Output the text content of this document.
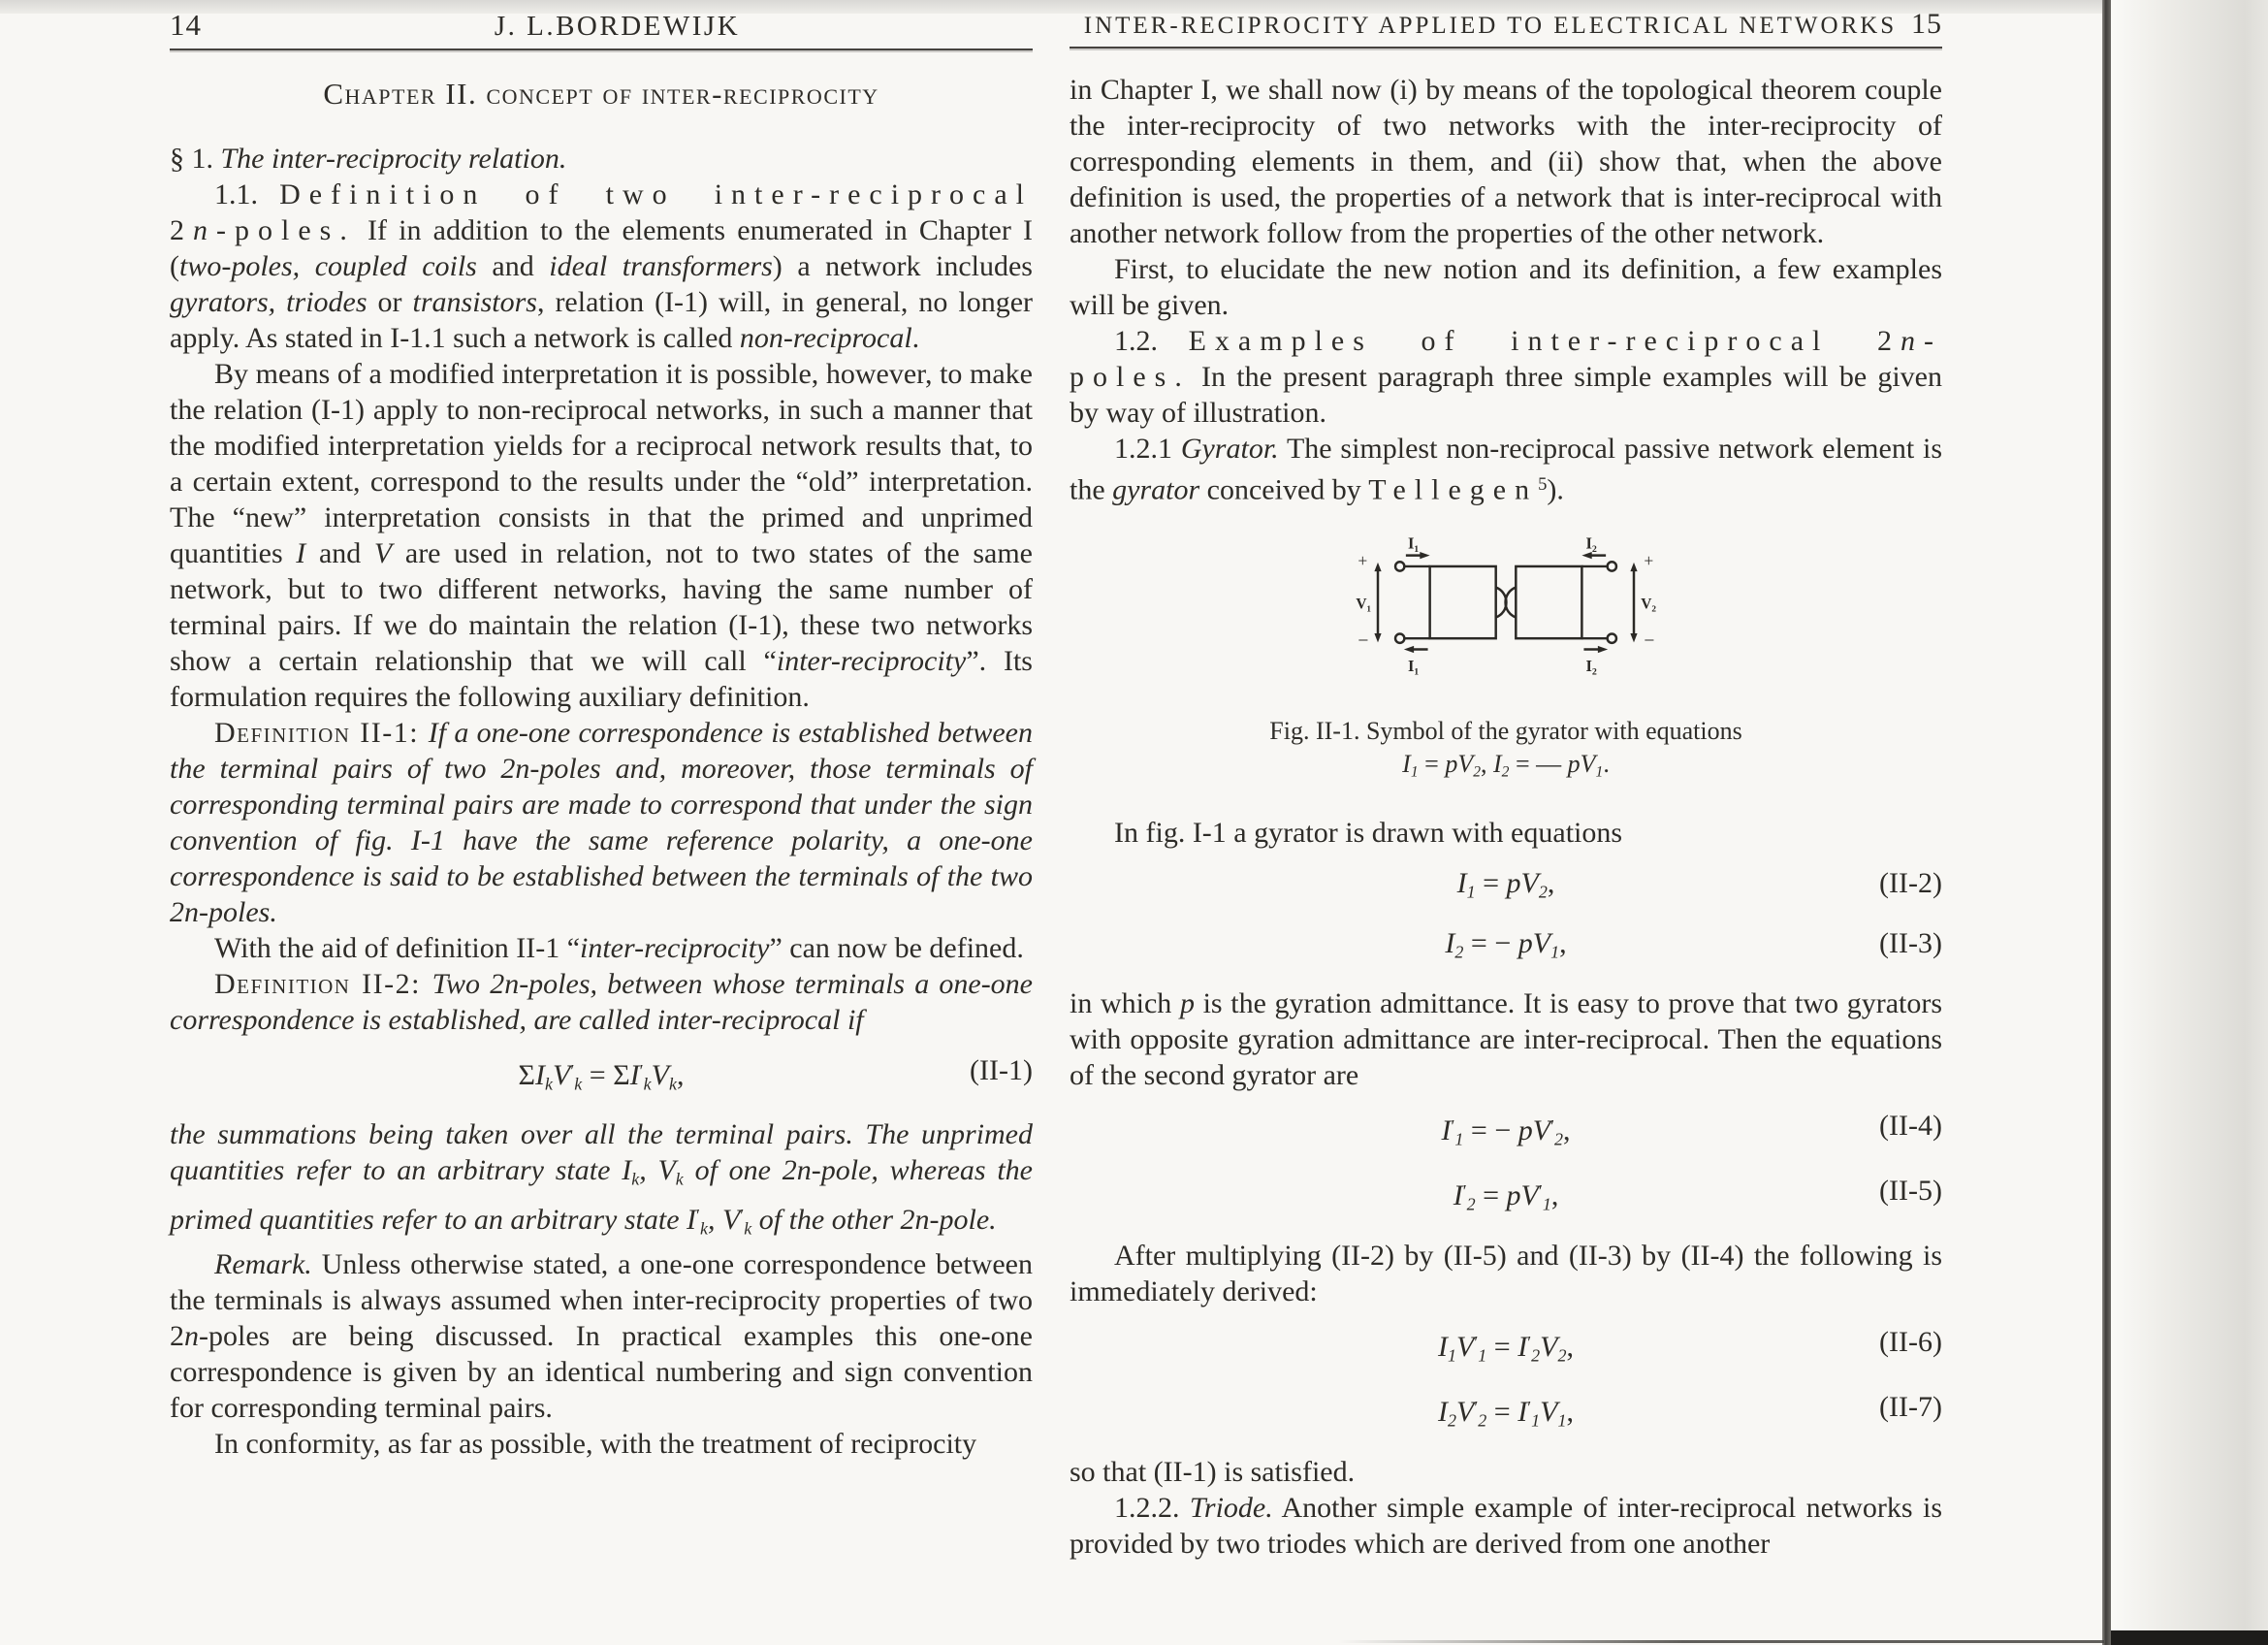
14	J. L.BORDEWIJK
Chapter II. concept of inter-reciprocity
§ 1. The inter-reciprocity relation.
1.1. Definition of two inter-reciprocal 2n-poles. If in addition to the elements enumerated in Chapter I (two-poles, coupled coils and ideal transformers) a network includes gyrators, triodes or transistors, relation (I-1) will, in general, no longer apply. As stated in I-1.1 such a network is called non-reciprocal.
By means of a modified interpretation it is possible, however, to make the relation (I-1) apply to non-reciprocal networks, in such a manner that the modified interpretation yields for a reciprocal network results that, to a certain extent, correspond to the results under the “old” interpretation. The “new” interpretation consists in that the primed and unprimed quantities I and V are used in relation, not to two states of the same network, but to two different networks, having the same number of terminal pairs. If we do maintain the relation (I-1), these two networks show a certain relationship that we will call “inter-reciprocity”. Its formulation requires the following auxiliary definition.
Definition II-1: If a one-one correspondence is established between the terminal pairs of two 2n-poles and, moreover, those terminals of corresponding terminal pairs are made to correspond that under the sign convention of fig. I-1 have the same reference polarity, a one-one correspondence is said to be established between the terminals of the two 2n-poles.
With the aid of definition II-1 “inter-reciprocity” can now be defined.
Definition II-2: Two 2n-poles, between whose terminals a one-one correspondence is established, are called inter-reciprocal if
ΣIkV′k = ΣI′kVk,	(II-1)
the summations being taken over all the terminal pairs. The unprimed quantities refer to an arbitrary state Ik, Vk of one 2n-pole, whereas the primed quantities refer to an arbitrary state I′k, V′k of the other 2n-pole.
Remark. Unless otherwise stated, a one-one correspondence between the terminals is always assumed when inter-reciprocity properties of two 2n-poles are being discussed. In practical examples this one-one correspondence is given by an identical numbering and sign convention for corresponding terminal pairs.
In conformity, as far as possible, with the treatment of reciprocity
INTER-RECIPROCITY APPLIED TO ELECTRICAL NETWORKS 15
in Chapter I, we shall now (i) by means of the topological theorem couple the inter-reciprocity of two networks with the inter-reciprocity of corresponding elements in them, and (ii) show that, when the above definition is used, the properties of a network that is inter-reciprocal with another network follow from the properties of the other network.
First, to elucidate the new notion and its definition, a few examples will be given.
1.2. Examples of inter-reciprocal 2n-poles. In the present paragraph three simple examples will be given by way of illustration.
1.2.1 Gyrator. The simplest non-reciprocal passive network element is the gyrator conceived by Tellegen$^5$).
+
V₁
−
I₁
I₁
I₂
I₂
+
V₂
−
Fig. II-1. Symbol of the gyrator with equations
I1 = pV2, I2 = — pV1.
In fig. I-1 a gyrator is drawn with equations
I1 = pV2,	(II-2)
I2 = − pV1,	(II-3)
in which p is the gyration admittance. It is easy to prove that two gyrators with opposite gyration admittance are inter-reciprocal. Then the equations of the second gyrator are
I′1 = − pV′2,	(II-4)
I′2 = pV′1,	(II-5)
After multiplying (II-2) by (II-5) and (II-3) by (II-4) the following is immediately derived:
I1V′1 = I′2V2,	(II-6)
I2V′2 = I′1V1,	(II-7)
so that (II-1) is satisfied.
1.2.2. Triode. Another simple example of inter-reciprocal networks is provided by two triodes which are derived from one another
